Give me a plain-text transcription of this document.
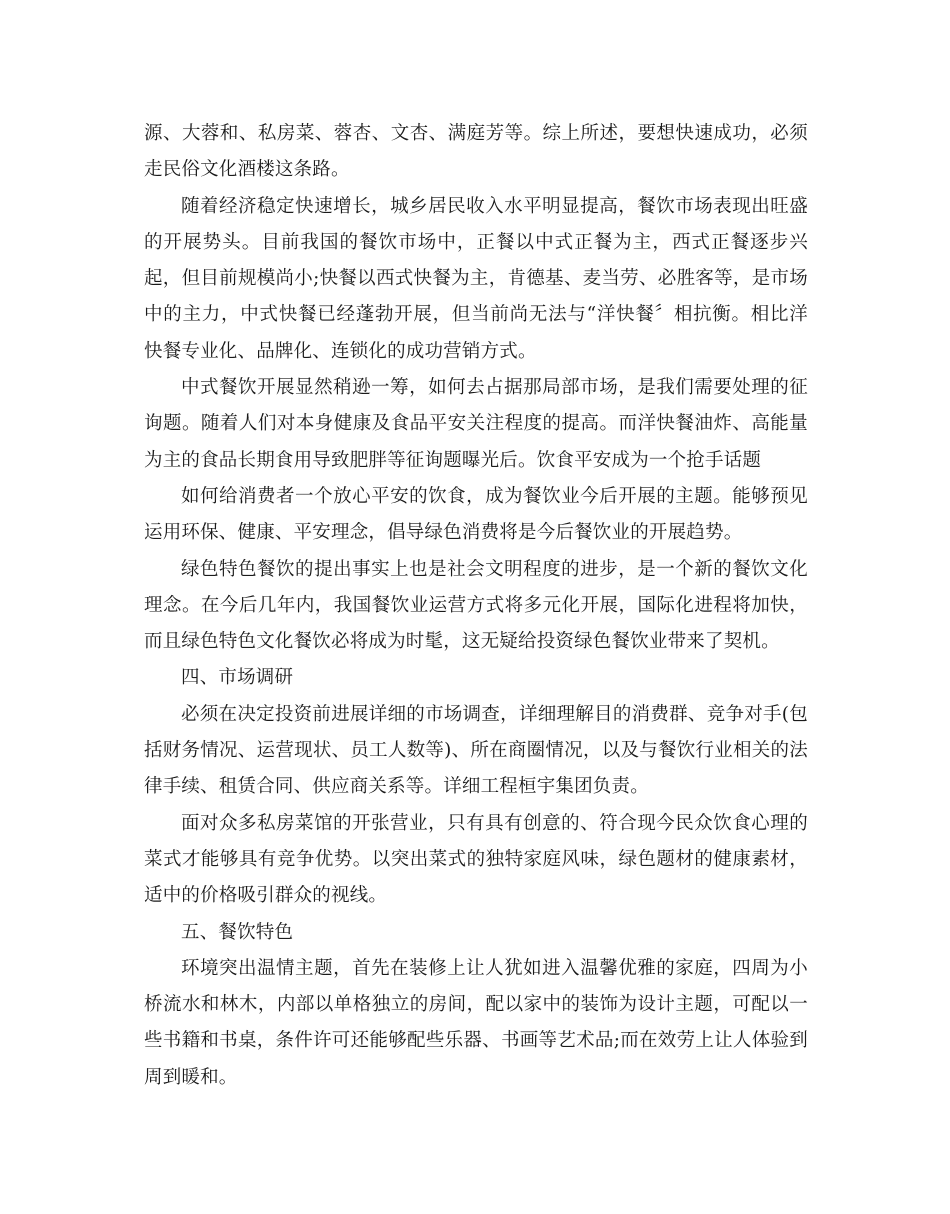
源、大蓉和、私房菜、蓉杏、文杏、满庭芳等。综上所述，要想快速成功，必须走民俗文化酒楼这条路。

随着经济稳定快速增长，城乡居民收入水平明显提高，餐饮市场表现出旺盛的开展势头。目前我国的餐饮市场中，正餐以中式正餐为主，西式正餐逐步兴起，但目前规模尚小;快餐以西式快餐为主，肯德基、麦当劳、必胜客等，是市场中的主力，中式快餐已经蓬勃开展，但当前尚无法与“洋快餐〞相抗衡。相比洋快餐专业化、品牌化、连锁化的成功营销方式。

中式餐饮开展显然稍逊一筹，如何去占据那局部市场，是我们需要处理的征询题。随着人们对本身健康及食品平安关注程度的提高。而洋快餐油炸、高能量为主的食品长期食用导致肥胖等征询题曝光后。饮食平安成为一个抢手话题

如何给消费者一个放心平安的饮食，成为餐饮业今后开展的主题。能够预见运用环保、健康、平安理念，倡导绿色消费将是今后餐饮业的开展趋势。

绿色特色餐饮的提出事实上也是社会文明程度的进步，是一个新的餐饮文化理念。在今后几年内，我国餐饮业运营方式将多元化开展，国际化进程将加快，而且绿色特色文化餐饮必将成为时髦，这无疑给投资绿色餐饮业带来了契机。

四、市场调研

必须在决定投资前进展详细的市场调查，详细理解目的消费群、竞争对手(包括财务情况、运营现状、员工人数等)、所在商圈情况，以及与餐饮行业相关的法律手续、租赁合同、供应商关系等。详细工程桓宇集团负责。

面对众多私房菜馆的开张营业，只有具有创意的、符合现今民众饮食心理的菜式才能够具有竞争优势。以突出菜式的独特家庭风味，绿色题材的健康素材，适中的价格吸引群众的视线。

五、餐饮特色

环境突出温情主题，首先在装修上让人犹如进入温馨优雅的家庭，四周为小桥流水和林木，内部以单格独立的房间，配以家中的装饰为设计主题，可配以一些书籍和书桌，条件许可还能够配些乐器、书画等艺术品;而在效劳上让人体验到周到暖和。
